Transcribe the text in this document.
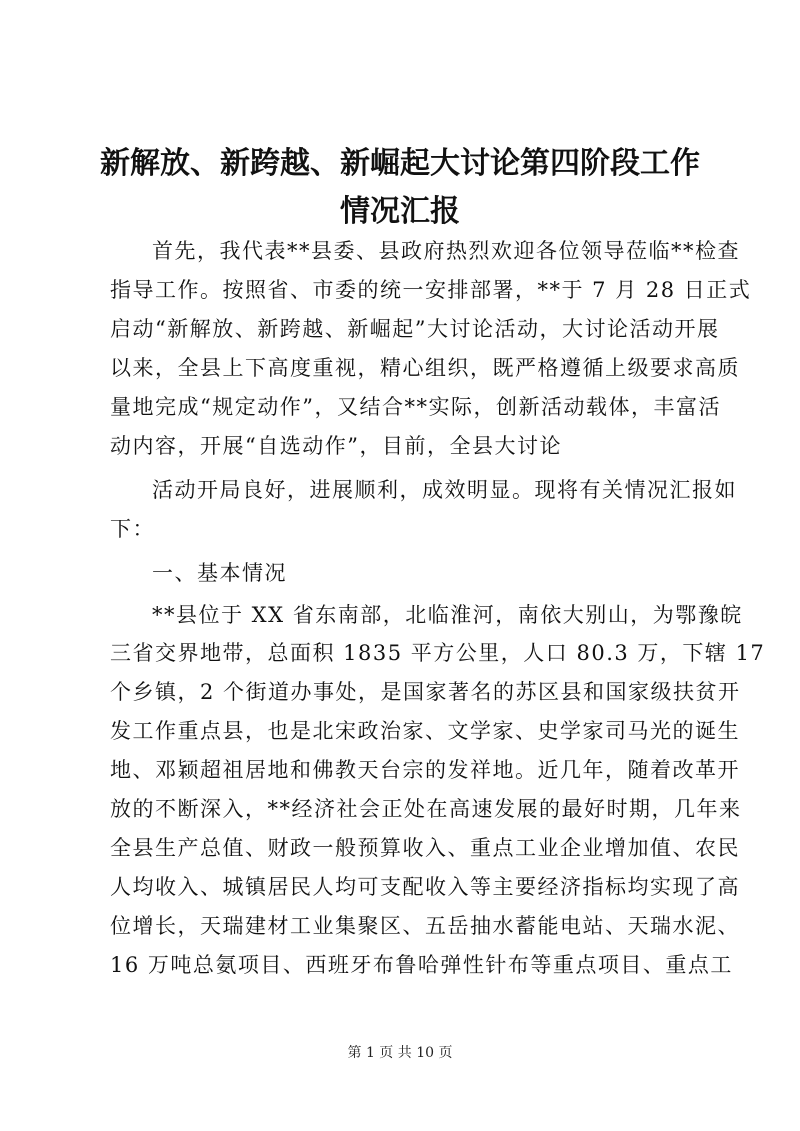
新解放、新跨越、新崛起大讨论第四阶段工作
情况汇报

首先，我代表**县委、县政府热烈欢迎各位领导莅临**检查

指导工作。按照省、市委的统一安排部署，**于 7 月 28 日正式

启动“新解放、新跨越、新崛起”大讨论活动，大讨论活动开展

以来，全县上下高度重视，精心组织，既严格遵循上级要求高质

量地完成“规定动作”，又结合**实际，创新活动载体，丰富活

动内容，开展“自选动作”，目前，全县大讨论

活动开局良好，进展顺利，成效明显。现将有关情况汇报如

下：

一、基本情况

**县位于 XX 省东南部，北临淮河，南依大别山，为鄂豫皖

三省交界地带，总面积 1835 平方公里，人口 80.3 万，下辖 17

个乡镇，2 个街道办事处，是国家著名的苏区县和国家级扶贫开

发工作重点县，也是北宋政治家、文学家、史学家司马光的诞生

地、邓颖超祖居地和佛教天台宗的发祥地。近几年，随着改革开

放的不断深入，**经济社会正处在高速发展的最好时期，几年来

全县生产总值、财政一般预算收入、重点工业企业增加值、农民

人均收入、城镇居民人均可支配收入等主要经济指标均实现了高

位增长，天瑞建材工业集聚区、五岳抽水蓄能电站、天瑞水泥、

16 万吨总氨项目、西班牙布鲁哈弹性针布等重点项目、重点工

第 1 页 共 10 页
